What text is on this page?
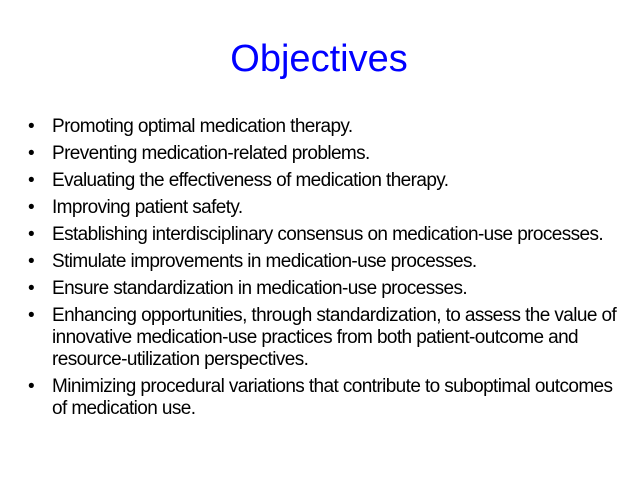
Objectives
• Promoting optimal medication therapy.
• Preventing medication-related problems.
• Evaluating the effectiveness of medication therapy.
• Improving patient safety.
• Establishing interdisciplinary consensus on medication-use processes.
• Stimulate improvements in medication-use processes.
• Ensure standardization in medication-use processes.
• Enhancing opportunities, through standardization, to assess the value of innovative medication-use practices from both patient-outcome and resource-utilization perspectives.
• Minimizing procedural variations that contribute to suboptimal outcomes of medication use.
